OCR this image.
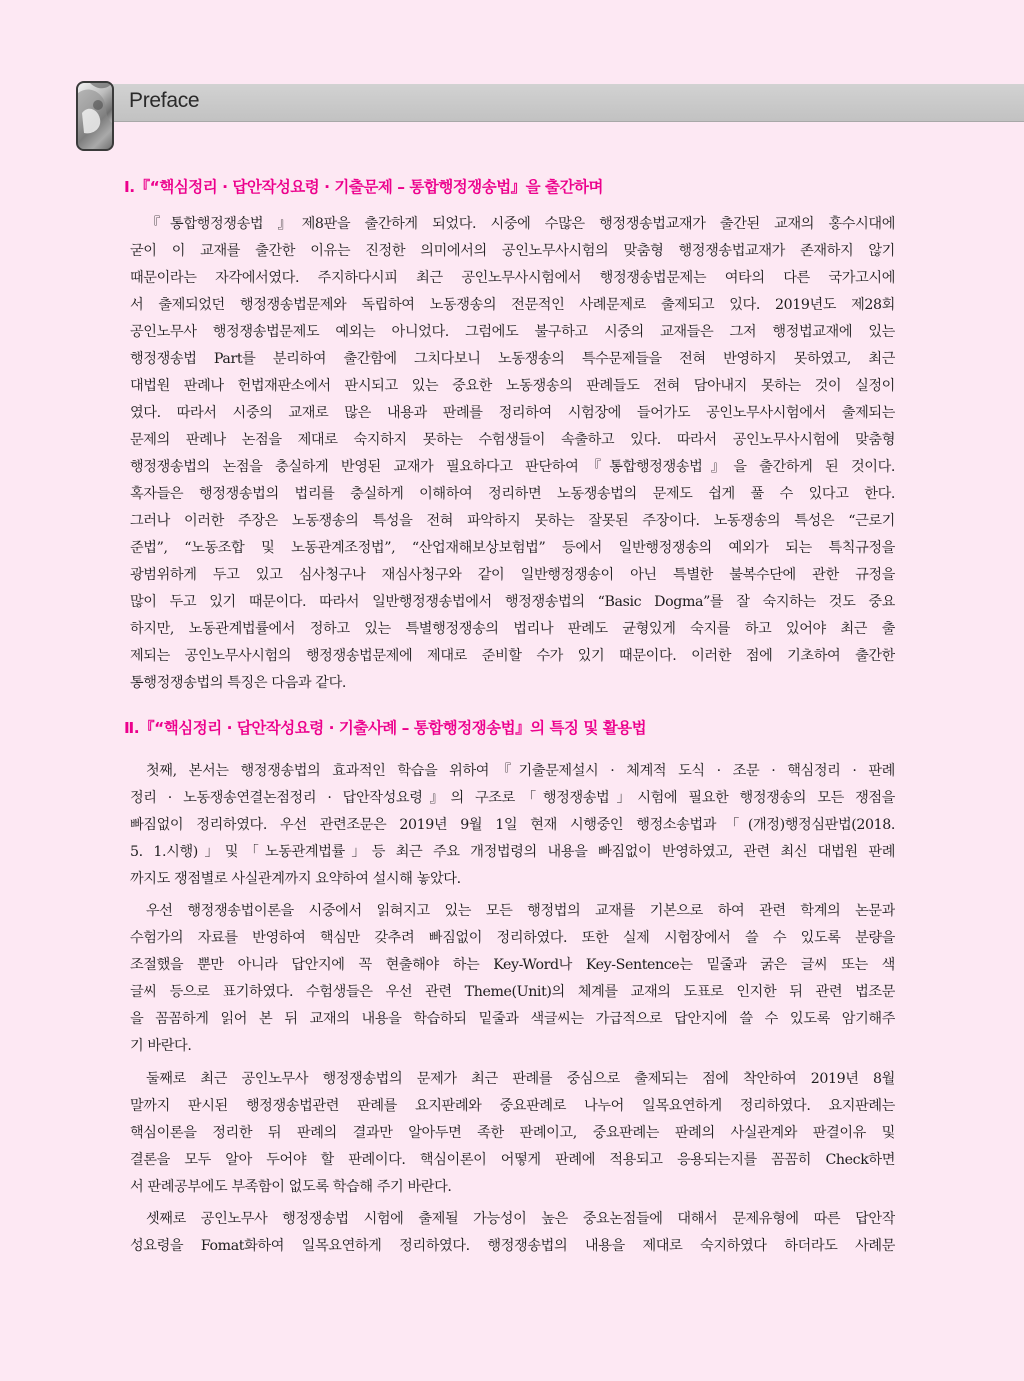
Preface
Ⅰ.『“핵심정리 · 답안작성요령 · 기출문제 – 통합행정쟁송법』을 출간하며
『통합행정쟁송법 』제8판을 출간하게 되었다. 시중에 수많은 행정쟁송법교재가 출간된 교재의 홍수시대에
굳이 이 교재를 출간한 이유는 진정한 의미에서의 공인노무사시험의 맞춤형 행정쟁송법교재가 존재하지 않기
때문이라는 자각에서였다. 주지하다시피 최근 공인노무사시험에서 행정쟁송법문제는 여타의 다른 국가고시에
서 출제되었던 행정쟁송법문제와 독립하여 노동쟁송의 전문적인 사례문제로 출제되고 있다. 2019년도 제28회
공인노무사 행정쟁송법문제도 예외는 아니었다. 그럼에도 불구하고 시중의 교재들은 그저 행정법교재에 있는
행정쟁송법 Part를 분리하여 출간함에 그치다보니 노동쟁송의 특수문제들을 전혀 반영하지 못하였고, 최근
대법원 판례나 헌법재판소에서 판시되고 있는 중요한 노동쟁송의 판례들도 전혀 담아내지 못하는 것이 실정이
였다. 따라서 시중의 교재로 많은 내용과 판례를 정리하여 시험장에 들어가도 공인노무사시험에서 출제되는
문제의 판례나 논점을 제대로 숙지하지 못하는 수험생들이 속출하고 있다. 따라서 공인노무사시험에 맞춤형
행정쟁송법의 논점을 충실하게 반영된 교재가 필요하다고 판단하여『통합행정쟁송법』을 출간하게 된 것이다.
혹자들은 행정쟁송법의 법리를 충실하게 이해하여 정리하면 노동쟁송법의 문제도 쉽게 풀 수 있다고 한다.
그러나 이러한 주장은 노동쟁송의 특성을 전혀 파악하지 못하는 잘못된 주장이다. 노동쟁송의 특성은 “근로기
준법”, “노동조합 및 노동관계조정법”, “산업재해보상보험법” 등에서 일반행정쟁송의 예외가 되는 특칙규정을
광범위하게 두고 있고 심사청구나 재심사청구와 같이 일반행정쟁송이 아닌 특별한 불복수단에 관한 규정을
많이 두고 있기 때문이다. 따라서 일반행정쟁송법에서 행정쟁송법의 “Basic Dogma”를 잘 숙지하는 것도 중요
하지만, 노동관계법률에서 정하고 있는 특별행정쟁송의 법리나 판례도 균형있게 숙지를 하고 있어야 최근 출
제되는 공인노무사시험의 행정쟁송법문제에 제대로 준비할 수가 있기 때문이다. 이러한 점에 기초하여 출간한
통행정쟁송법의 특징은 다음과 같다.
Ⅱ.『“핵심정리 · 답안작성요령 · 기출사례 – 통합행정쟁송법』의 특징 및 활용법
첫째, 본서는 행정쟁송법의 효과적인 학습을 위하여『기출문제설시 · 체계적 도식 · 조문 · 핵심정리 · 판례
정리 · 노동쟁송연결논점정리 · 답안작성요령』의 구조로「행정쟁송법」시험에 필요한 행정쟁송의 모든 쟁점을
빠짐없이 정리하였다. 우선 관련조문은 2019년 9월 1일 현재 시행중인 행정소송법과「(개정)행정심판법(2018.
5. 1.시행)」및「노동관계법률」등 최근 주요 개정법령의 내용을 빠짐없이 반영하였고, 관련 최신 대법원 판례
까지도 쟁점별로 사실관계까지 요약하여 설시해 놓았다.
우선 행정쟁송법이론을 시중에서 읽혀지고 있는 모든 행정법의 교재를 기본으로 하여 관련 학계의 논문과
수험가의 자료를 반영하여 핵심만 갖추려 빠짐없이 정리하였다. 또한 실제 시험장에서 쓸 수 있도록 분량을
조절했을 뿐만 아니라 답안지에 꼭 현출해야 하는 Key-Word나 Key-Sentence는 밑줄과 굵은 글씨 또는 색
글씨 등으로 표기하였다. 수험생들은 우선 관련 Theme(Unit)의 체계를 교재의 도표로 인지한 뒤 관련 법조문
을 꼼꼼하게 읽어 본 뒤 교재의 내용을 학습하되 밑줄과 색글씨는 가급적으로 답안지에 쓸 수 있도록 암기해주
기 바란다.
둘째로 최근 공인노무사 행정쟁송법의 문제가 최근 판례를 중심으로 출제되는 점에 착안하여 2019년 8월
말까지 판시된 행정쟁송법관련 판례를 요지판례와 중요판례로 나누어 일목요연하게 정리하였다. 요지판례는
핵심이론을 정리한 뒤 판례의 결과만 알아두면 족한 판례이고, 중요판례는 판례의 사실관계와 판결이유 및
결론을 모두 알아 두어야 할 판례이다. 핵심이론이 어떻게 판례에 적용되고 응용되는지를 꼼꼼히 Check하면
서 판례공부에도 부족함이 없도록 학습해 주기 바란다.
셋째로 공인노무사 행정쟁송법 시험에 출제될 가능성이 높은 중요논점들에 대해서 문제유형에 따른 답안작
성요령을 Fomat화하여 일목요연하게 정리하였다. 행정쟁송법의 내용을 제대로 숙지하였다 하더라도 사례문
